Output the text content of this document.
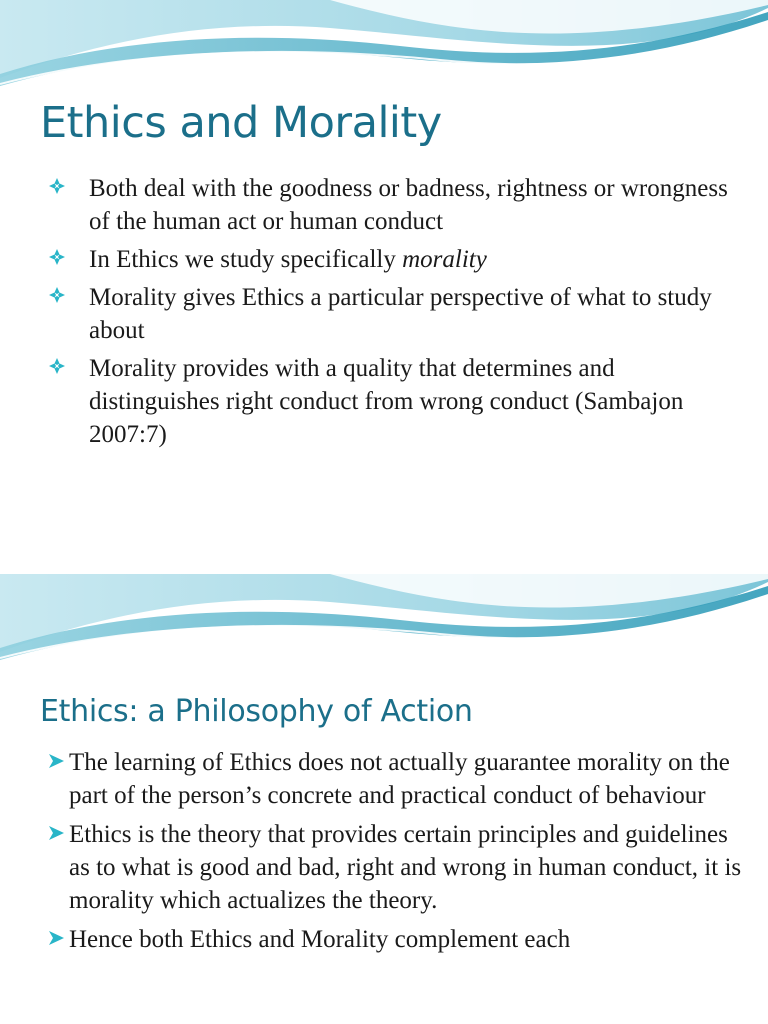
Ethics and Morality
Both deal with the goodness or badness, rightness or wrongness of the human act or human conduct
In Ethics we study specifically morality
Morality gives Ethics a particular perspective of what to study about
Morality provides with a quality that determines and distinguishes right conduct from wrong conduct (Sambajon 2007:7)
Ethics: a Philosophy of Action
The learning of Ethics does not actually guarantee morality on the part of the person’s concrete and practical conduct of behaviour
Ethics is the theory that provides certain principles and guidelines as to what is good and bad, right and wrong in human conduct, it is morality which actualizes the theory.
Hence both Ethics and Morality complement each
